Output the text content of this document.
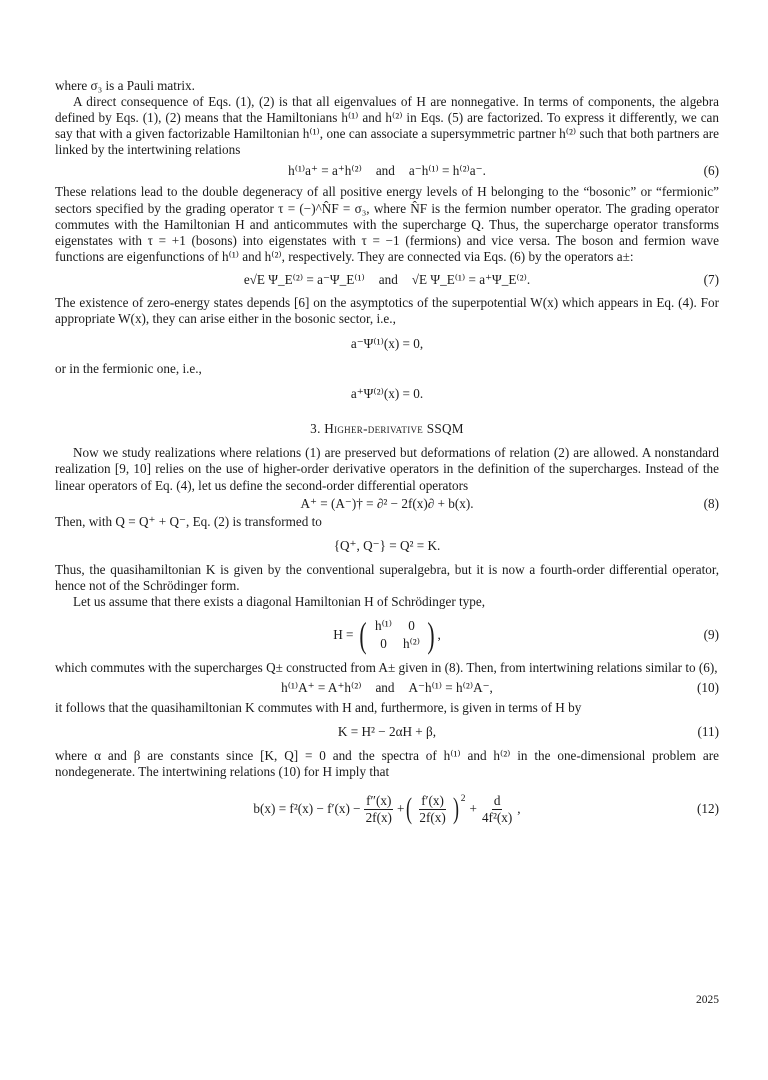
where σ₃ is a Pauli matrix.

A direct consequence of Eqs. (1), (2) is that all eigenvalues of H are nonnegative. In terms of components, the algebra defined by Eqs. (1), (2) means that the Hamiltonians h⁽¹⁾ and h⁽²⁾ in Eqs. (5) are factorized. To express it differently, we can say that with a given factorizable Hamiltonian h⁽¹⁾, one can associate a supersymmetric partner h⁽²⁾ such that both partners are linked by the intertwining relations

h⁽¹⁾a⁺ = a⁺h⁽²⁾	and	a⁻h⁽¹⁾ = h⁽²⁾a⁻.	(6)

These relations lead to the double degeneracy of all positive energy levels of H belonging to the “bosonic” or “fermionic” sectors specified by the grading operator τ = (−)^N̂F = σ₃, where N̂F is the fermion number operator. The grading operator commutes with the Hamiltonian H and anticommutes with the supercharge Q. Thus, the supercharge operator transforms eigenstates with τ = +1 (bosons) into eigenstates with τ = −1 (fermions) and vice versa. The boson and fermion wave functions are eigenfunctions of h⁽¹⁾ and h⁽²⁾, respectively. They are connected via Eqs. (6) by the operators a±:

e√E Ψ_E⁽²⁾ = a⁻Ψ_E⁽¹⁾	and	√E Ψ_E⁽¹⁾ = a⁺Ψ_E⁽²⁾.	(7)

The existence of zero-energy states depends [6] on the asymptotics of the superpotential W(x) which appears in Eq. (4). For appropriate W(x), they can arise either in the bosonic sector, i.e.,

a⁻Ψ⁽¹⁾(x) = 0,

or in the fermionic one, i.e.,

a⁺Ψ⁽²⁾(x) = 0.
3. Higher-derivative SSQM

Now we study realizations where relations (1) are preserved but deformations of relation (2) are allowed. A nonstandard realization [9, 10] relies on the use of higher-order derivative operators in the definition of the supercharges. Instead of the linear operators of Eq. (4), let us define the second-order differential operators

A⁺ = (A⁻)† = ∂² − 2f(x)∂ + b(x).	(8)

Then, with Q = Q⁺ + Q⁻, Eq. (2) is transformed to

{Q⁺, Q⁻} = Q² = K.

Thus, the quasihamiltonian K is given by the conventional superalgebra, but it is now a fourth-order differential operator, hence not of the Schrödinger form.

Let us assume that there exists a diagonal Hamiltonian H of Schrödinger type,

H = ( h⁽¹⁾	0
0	h⁽²⁾ ) ,	(9)

which commutes with the supercharges Q± constructed from A± given in (8). Then, from intertwining relations similar to (6),

h⁽¹⁾A⁺ = A⁺h⁽²⁾	and	A⁻h⁽¹⁾ = h⁽²⁾A⁻,	(10)

it follows that the quasihamiltonian K commutes with H and, furthermore, is given in terms of H by

K = H² − 2αH + β,	(11)

where α and β are constants since [K, Q] = 0 and the spectra of h⁽¹⁾ and h⁽²⁾ in the one-dimensional problem are nondegenerate. The intertwining relations (10) for H imply that

$b(x) = f^2(x) - f'(x) - \frac{f''(x)}{2f(x)}$ + ( $\frac{f'(x)}{2f(x)} )^2$
+ $\frac{d}{\text{4f²(x)}}$ ,	(12)
2025
